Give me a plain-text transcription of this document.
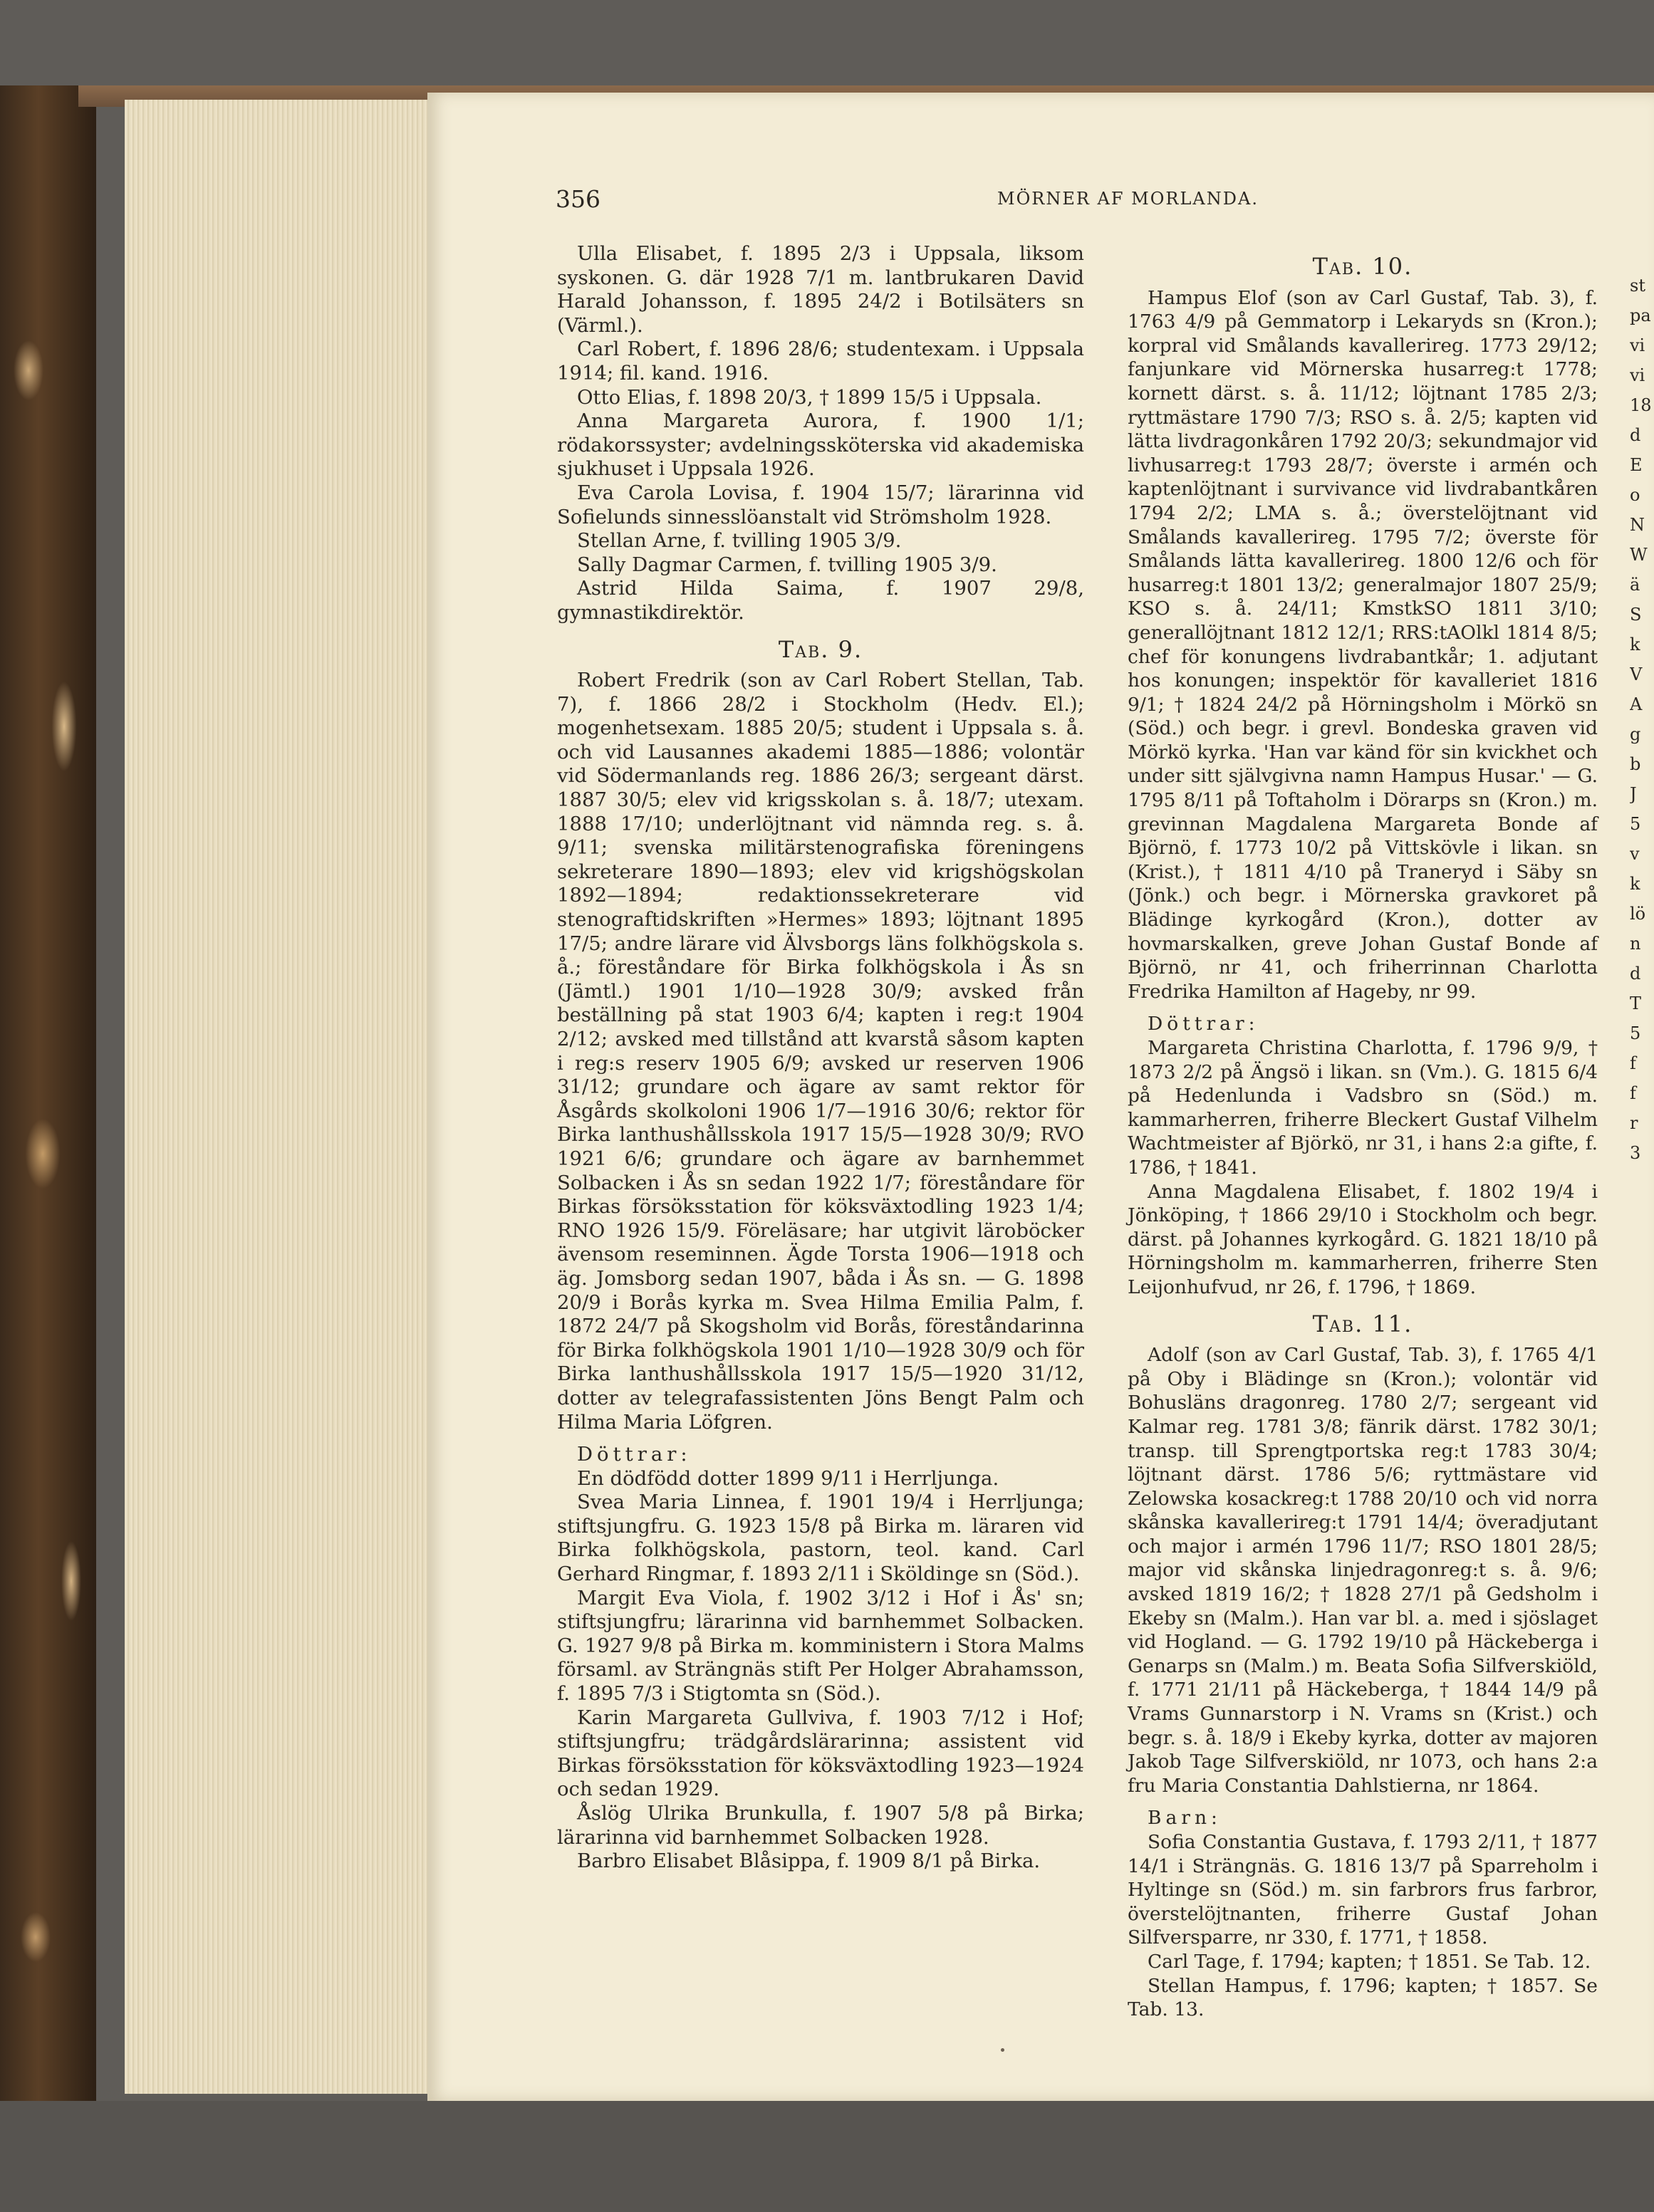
356	MÖRNER AF MORLANDA.

Ulla Elisabet, f. 1895 2/3 i Uppsala, liksom syskonen. G. där 1928 7/1 m. lantbrukaren David Harald Johansson, f. 1895 24/2 i Botilsäters sn (Värml.).

Carl Robert, f. 1896 28/6; studentexam. i Uppsala 1914; fil. kand. 1916.

Otto Elias, f. 1898 20/3, † 1899 15/5 i Uppsala.

Anna Margareta Aurora, f. 1900 1/1; rödakorssyster; avdelningssköterska vid akademiska sjukhuset i Uppsala 1926.

Eva Carola Lovisa, f. 1904 15/7; lärarinna vid Sofielunds sinnesslöanstalt vid Strömsholm 1928.

Stellan Arne, f. tvilling 1905 3/9.

Sally Dagmar Carmen, f. tvilling 1905 3/9.

Astrid Hilda Saima, f. 1907 29/8, gymnastikdirektör.

Tab. 9.

Robert Fredrik (son av Carl Robert Stellan, Tab. 7), f. 1866 28/2 i Stockholm (Hedv. El.); mogenhetsexam. 1885 20/5; student i Uppsala s. å. och vid Lausannes akademi 1885—1886; volontär vid Södermanlands reg. 1886 26/3; sergeant därst. 1887 30/5; elev vid krigsskolan s. å. 18/7; utexam. 1888 17/10; underlöjtnant vid nämnda reg. s. å. 9/11; svenska militärstenografiska föreningens sekreterare 1890—1893; elev vid krigshögskolan 1892—1894; redaktionssekreterare vid stenograftidskriften »Hermes» 1893; löjtnant 1895 17/5; andre lärare vid Älvsborgs läns folkhögskola s. å.; föreståndare för Birka folkhögskola i Ås sn (Jämtl.) 1901 1/10—1928 30/9; avsked från beställning på stat 1903 6/4; kapten i reg:t 1904 2/12; avsked med tillstånd att kvarstå såsom kapten i reg:s reserv 1905 6/9; avsked ur reserven 1906 31/12; grundare och ägare av samt rektor för Åsgårds skolkoloni 1906 1/7—1916 30/6; rektor för Birka lanthushållsskola 1917 15/5—1928 30/9; RVO 1921 6/6; grundare och ägare av barnhemmet Solbacken i Ås sn sedan 1922 1/7; föreståndare för Birkas försöksstation för köksväxtodling 1923 1/4; RNO 1926 15/9. Föreläsare; har utgivit läroböcker ävensom reseminnen. Ägde Torsta 1906—1918 och äg. Jomsborg sedan 1907, båda i Ås sn. — G. 1898 20/9 i Borås kyrka m. Svea Hilma Emilia Palm, f. 1872 24/7 på Skogsholm vid Borås, föreståndarinna för Birka folkhögskola 1901 1/10—1928 30/9 och för Birka lanthushållsskola 1917 15/5—1920 31/12, dotter av telegrafassistenten Jöns Bengt Palm och Hilma Maria Löfgren.

Döttrar:

En dödfödd dotter 1899 9/11 i Herrljunga.

Svea Maria Linnea, f. 1901 19/4 i Herrljunga; stiftsjungfru. G. 1923 15/8 på Birka m. läraren vid Birka folkhögskola, pastorn, teol. kand. Carl Gerhard Ringmar, f. 1893 2/11 i Sköldinge sn (Söd.).

Margit Eva Viola, f. 1902 3/12 i Hof i Ås' sn; stiftsjungfru; lärarinna vid barnhemmet Solbacken. G. 1927 9/8 på Birka m. komministern i Stora Malms församl. av Strängnäs stift Per Holger Abrahamsson, f. 1895 7/3 i Stigtomta sn (Söd.).

Karin Margareta Gullviva, f. 1903 7/12 i Hof; stiftsjungfru; trädgårdslärarinna; assistent vid Birkas försöksstation för köksväxtodling 1923—1924 och sedan 1929.

Åslög Ulrika Brunkulla, f. 1907 5/8 på Birka; lärarinna vid barnhemmet Solbacken 1928.

Barbro Elisabet Blåsippa, f. 1909 8/1 på Birka.

Tab. 10.

Hampus Elof (son av Carl Gustaf, Tab. 3), f. 1763 4/9 på Gemmatorp i Lekaryds sn (Kron.); korpral vid Smålands kavallerireg. 1773 29/12; fanjunkare vid Mörnerska husarreg:t 1778; kornett därst. s. å. 11/12; löjtnant 1785 2/3; ryttmästare 1790 7/3; RSO s. å. 2/5; kapten vid lätta livdragonkåren 1792 20/3; sekundmajor vid livhusarreg:t 1793 28/7; överste i armén och kaptenlöjtnant i survivance vid livdrabantkåren 1794 2/2; LMA s. å.; överstelöjtnant vid Smålands kavallerireg. 1795 7/2; överste för Smålands lätta kavallerireg. 1800 12/6 och för husarreg:t 1801 13/2; generalmajor 1807 25/9; KSO s. å. 24/11; KmstkSO 1811 3/10; generallöjtnant 1812 12/1; RRS:tAOlkl 1814 8/5; chef för konungens livdrabantkår; 1. adjutant hos konungen; inspektör för kavalleriet 1816 9/1; † 1824 24/2 på Hörningsholm i Mörkö sn (Söd.) och begr. i grevl. Bondeska graven vid Mörkö kyrka. 'Han var känd för sin kvickhet och under sitt självgivna namn Hampus Husar.' — G. 1795 8/11 på Toftaholm i Dörarps sn (Kron.) m. grevinnan Magdalena Margareta Bonde af Björnö, f. 1773 10/2 på Vittskövle i likan. sn (Krist.), † 1811 4/10 på Traneryd i Säby sn (Jönk.) och begr. i Mörnerska gravkoret på Blädinge kyrkogård (Kron.), dotter av hovmarskalken, greve Johan Gustaf Bonde af Björnö, nr 41, och friherrinnan Charlotta Fredrika Hamilton af Hageby, nr 99.

Döttrar:

Margareta Christina Charlotta, f. 1796 9/9, † 1873 2/2 på Ängsö i likan. sn (Vm.). G. 1815 6/4 på Hedenlunda i Vadsbro sn (Söd.) m. kammarherren, friherre Bleckert Gustaf Vilhelm Wachtmeister af Björkö, nr 31, i hans 2:a gifte, f. 1786, † 1841.

Anna Magdalena Elisabet, f. 1802 19/4 i Jönköping, † 1866 29/10 i Stockholm och begr. därst. på Johannes kyrkogård. G. 1821 18/10 på Hörningsholm m. kammarherren, friherre Sten Leijonhufvud, nr 26, f. 1796, † 1869.

Tab. 11.

Adolf (son av Carl Gustaf, Tab. 3), f. 1765 4/1 på Oby i Blädinge sn (Kron.); volontär vid Bohusläns dragonreg. 1780 2/7; sergeant vid Kalmar reg. 1781 3/8; fänrik därst. 1782 30/1; transp. till Sprengtportska reg:t 1783 30/4; löjtnant därst. 1786 5/6; ryttmästare vid Zelowska kosackreg:t 1788 20/10 och vid norra skånska kavallerireg:t 1791 14/4; överadjutant och major i armén 1796 11/7; RSO 1801 28/5; major vid skånska linjedragonreg:t s. å. 9/6; avsked 1819 16/2; † 1828 27/1 på Gedsholm i Ekeby sn (Malm.). Han var bl. a. med i sjöslaget vid Hogland. — G. 1792 19/10 på Häckeberga i Genarps sn (Malm.) m. Beata Sofia Silfverskiöld, f. 1771 21/11 på Häckeberga, † 1844 14/9 på Vrams Gunnarstorp i N. Vrams sn (Krist.) och begr. s. å. 18/9 i Ekeby kyrka, dotter av majoren Jakob Tage Silfverskiöld, nr 1073, och hans 2:a fru Maria Constantia Dahlstierna, nr 1864.

Barn:

Sofia Constantia Gustava, f. 1793 2/11, † 1877 14/1 i Strängnäs. G. 1816 13/7 på Sparreholm i Hyltinge sn (Söd.) m. sin farbrors frus farbror, överstelöjtnanten, friherre Gustaf Johan Silfversparre, nr 330, f. 1771, † 1858.

Carl Tage, f. 1794; kapten; † 1851. Se Tab. 12.

Stellan Hampus, f. 1796; kapten; † 1857. Se Tab. 13.

st
pa
vi
vi
18
d
E
o
N
W
ä
S
k
V
A
g
b
J
5
v
k
lö
n
d
T
5
f
f
r
3
